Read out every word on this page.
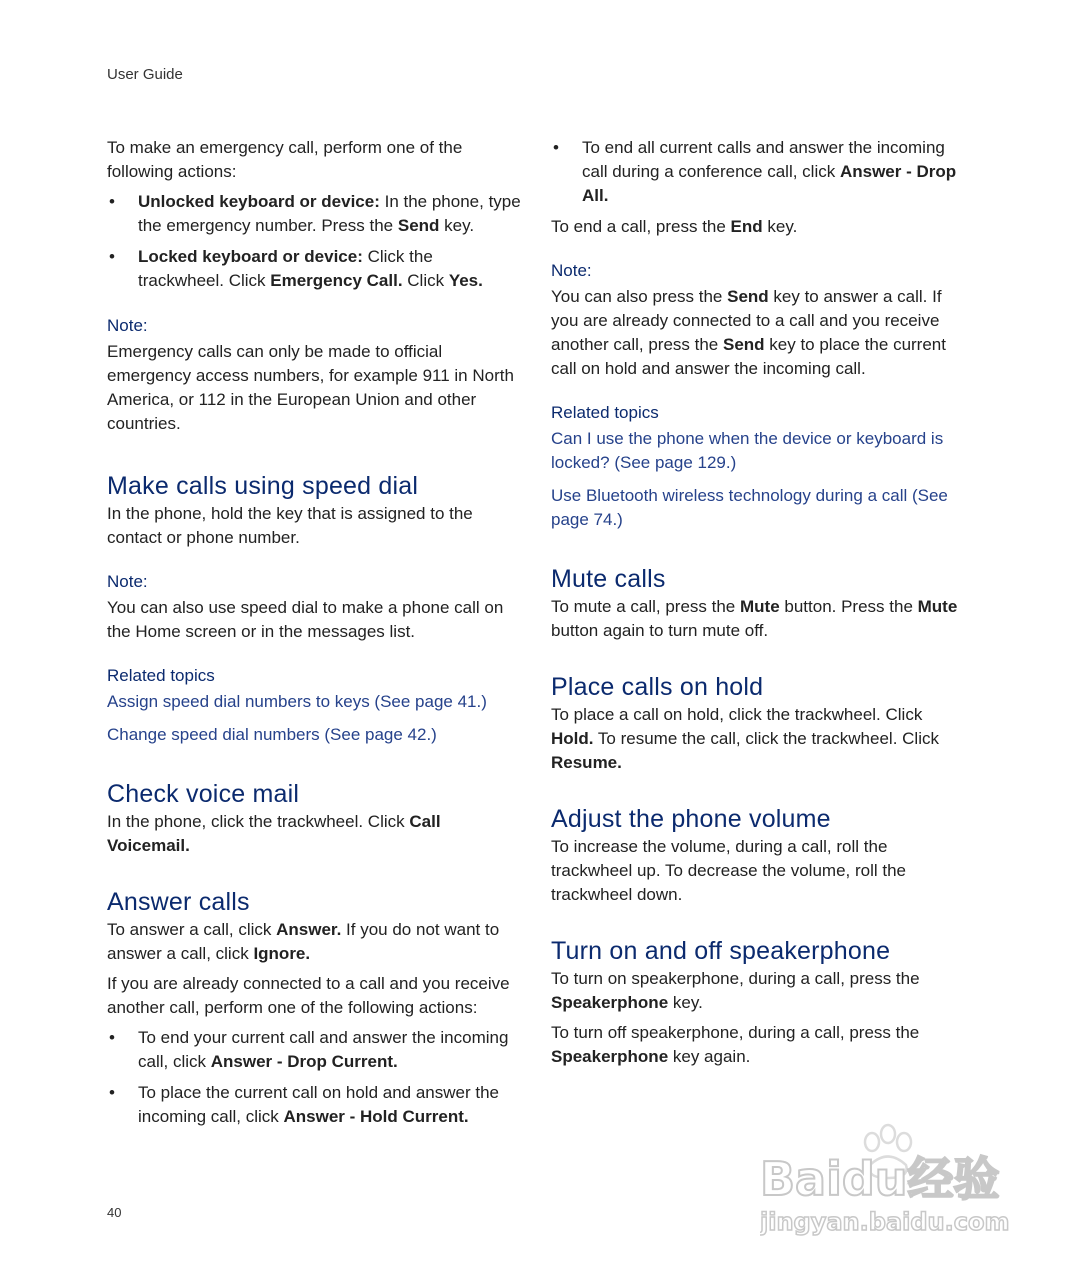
User Guide

To make an emergency call, perform one of the following actions:

• Unlocked keyboard or device: In the phone, type the emergency number. Press the Send key.
• Locked keyboard or device: Click the trackwheel. Click Emergency Call. Click Yes.
Note:

Emergency calls can only be made to official emergency access numbers, for example 911 in North America, or 112 in the European Union and other countries.

Make calls using speed dial

In the phone, hold the key that is assigned to the contact or phone number.

Note:

You can also use speed dial to make a phone call on the Home screen or in the messages list.

Related topics
Assign speed dial numbers to keys (See page 41.)
Change speed dial numbers (See page 42.)
Check voice mail

In the phone, click the trackwheel. Click Call Voicemail.

Answer calls

To answer a call, click Answer. If you do not want to answer a call, click Ignore.

If you are already connected to a call and you receive another call, perform one of the following actions:

• To end your current call and answer the incoming call, click Answer - Drop Current.
• To place the current call on hold and answer the incoming call, click Answer - Hold Current.
• To end all current calls and answer the incoming call during a conference call, click Answer - Drop All.

To end a call, press the End key.

Note:

You can also press the Send key to answer a call. If you are already connected to a call and you receive another call, press the Send key to place the current call on hold and answer the incoming call.

Related topics
Can I use the phone when the device or keyboard is locked? (See page 129.)
Use Bluetooth wireless technology during a call (See page 74.)
Mute calls

To mute a call, press the Mute button. Press the Mute button again to turn mute off.

Place calls on hold

To place a call on hold, click the trackwheel. Click Hold. To resume the call, click the trackwheel. Click Resume.

Adjust the phone volume

To increase the volume, during a call, roll the trackwheel up. To decrease the volume, roll the trackwheel down.

Turn on and off speakerphone

To turn on speakerphone, during a call, press the Speakerphone key.

To turn off speakerphone, during a call, press the Speakerphone key again.

40
Baidu经验
jingyan.baidu.com
